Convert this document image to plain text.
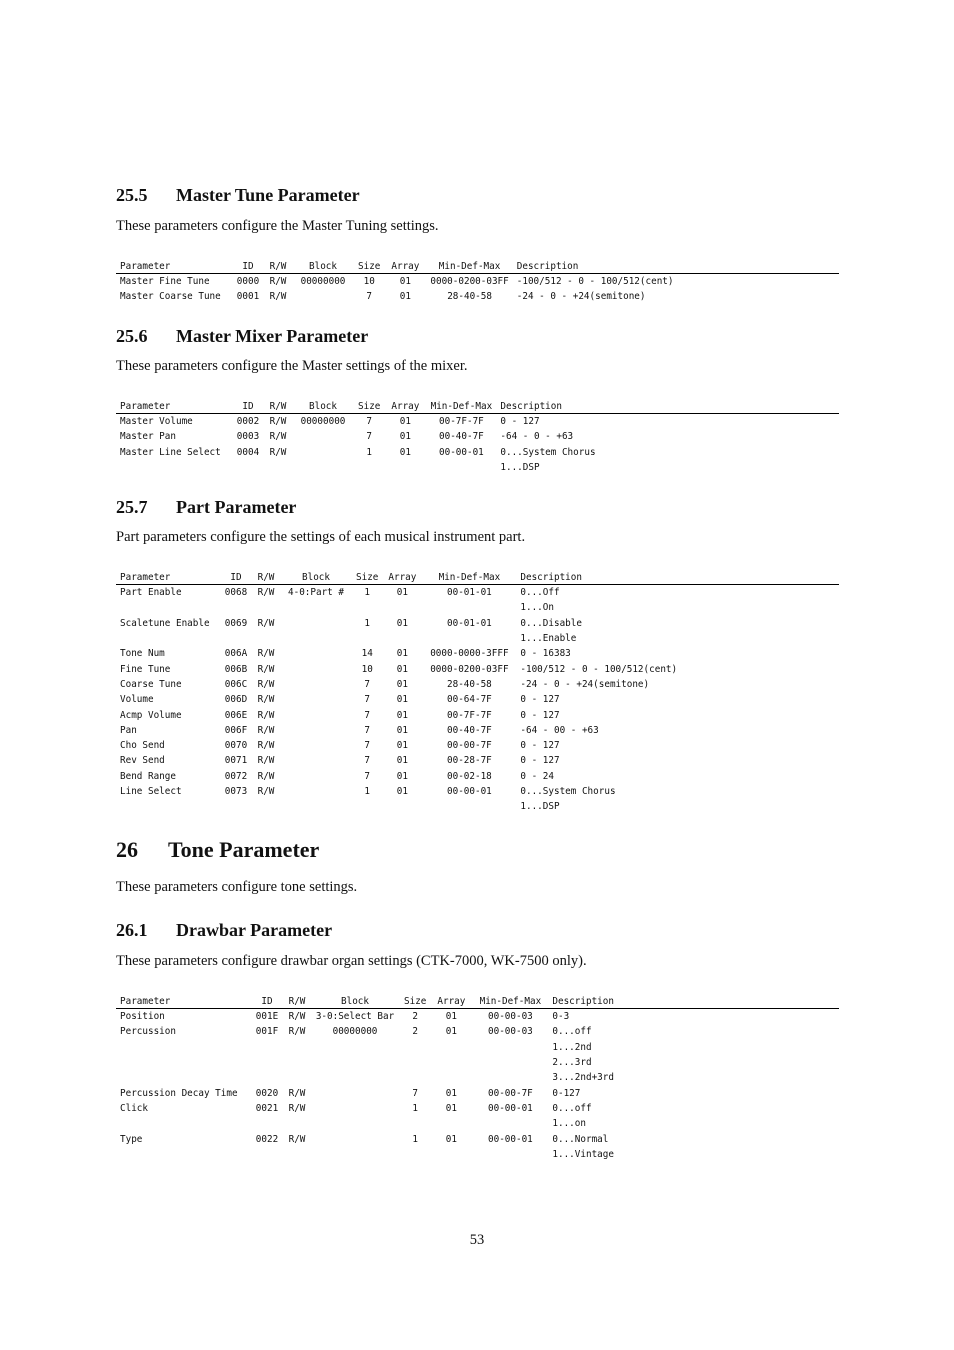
25.5 Master Tune Parameter
These parameters configure the Master Tuning settings.
Parameter	ID	R/W	Block	Size	Array	Min-Def-Max	Description
Master Fine Tune	0000	R/W	00000000	10	01	0000-0200-03FF	-100/512 - 0 - 100/512(cent)
Master Coarse Tune	0001	R/W		7	01	28-40-58	-24 - 0 - +24(semitone)
25.6 Master Mixer Parameter
These parameters configure the Master settings of the mixer.
Parameter	ID	R/W	Block	Size	Array	Min-Def-Max	Description
Master Volume	0002	R/W	00000000	7	01	00-7F-7F	0 - 127
Master Pan	0003	R/W		7	01	00-40-7F	-64 - 0 - +63
Master Line Select	0004	R/W		1	01	00-00-01	0...System Chorus
							1...DSP
25.7 Part Parameter
Part parameters configure the settings of each musical instrument part.
Parameter	ID	R/W	Block	Size	Array	Min-Def-Max	Description
Part Enable	0068	R/W	4-0:Part #	1	01	00-01-01	0...Off
							1...On
Scaletune Enable	0069	R/W		1	01	00-01-01	0...Disable
							1...Enable
Tone Num	006A	R/W		14	01	0000-0000-3FFF	0 - 16383
Fine Tune	006B	R/W		10	01	0000-0200-03FF	-100/512 - 0 - 100/512(cent)
Coarse Tune	006C	R/W		7	01	28-40-58	-24 - 0 - +24(semitone)
Volume	006D	R/W		7	01	00-64-7F	0 - 127
Acmp Volume	006E	R/W		7	01	00-7F-7F	0 - 127
Pan	006F	R/W		7	01	00-40-7F	-64 - 00 - +63
Cho Send	0070	R/W		7	01	00-00-7F	0 - 127
Rev Send	0071	R/W		7	01	00-28-7F	0 - 127
Bend Range	0072	R/W		7	01	00-02-18	0 - 24
Line Select	0073	R/W		1	01	00-00-01	0...System Chorus
							1...DSP
26 Tone Parameter
These parameters configure tone settings.
26.1 Drawbar Parameter
These parameters configure drawbar organ settings (CTK-7000, WK-7500 only).
Parameter	ID	R/W	Block	Size	Array	Min-Def-Max	Description
Position	001E	R/W	3-0:Select Bar	2	01	00-00-03	0-3
Percussion	001F	R/W	00000000	2	01	00-00-03	0...off
							1...2nd
							2...3rd
							3...2nd+3rd
Percussion Decay Time	0020	R/W		7	01	00-00-7F	0-127
Click	0021	R/W		1	01	00-00-01	0...off
							1...on
Type	0022	R/W		1	01	00-00-01	0...Normal
							1...Vintage
53
